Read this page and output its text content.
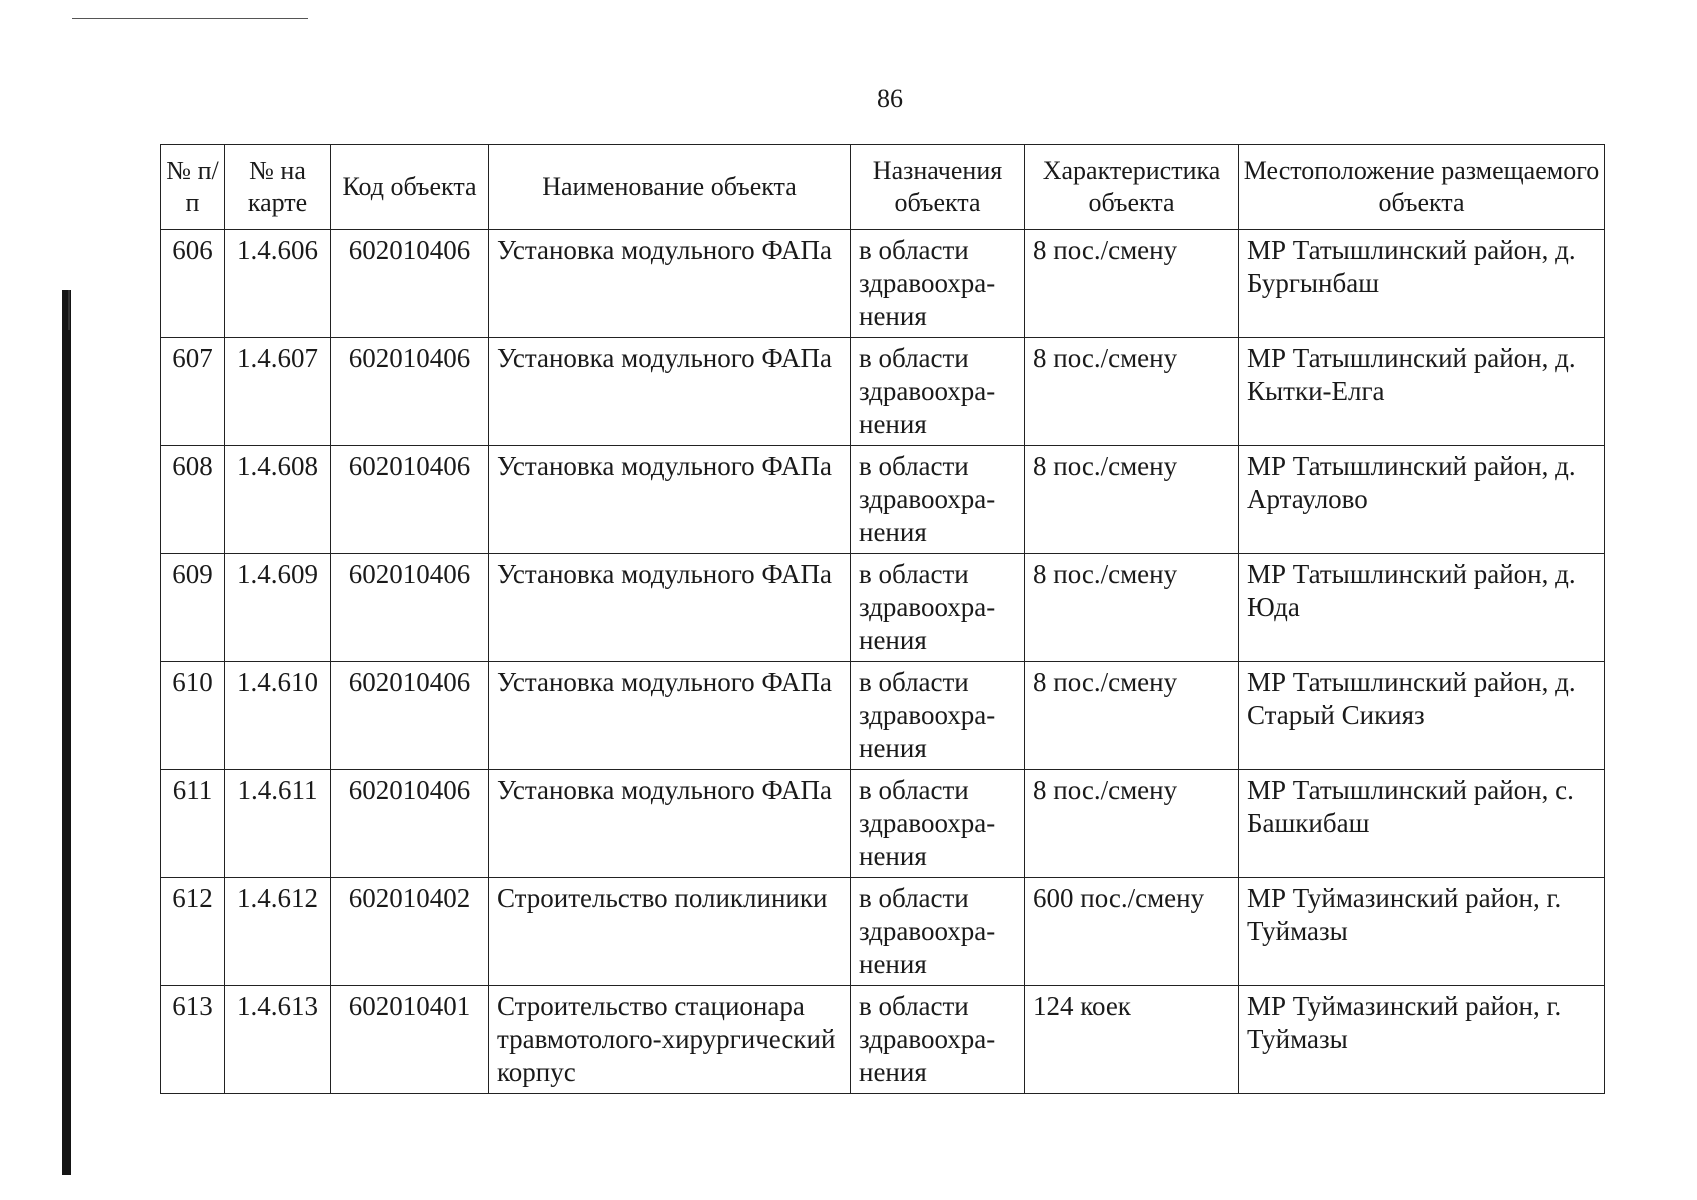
86
№ п/п	№ на карте	Код объекта	Наименование объекта	Назначения объекта	Характеристика объекта	Местоположение размещаемого объекта
606	1.4.606	602010406	Установка модульного ФАПа	в области здравоохра-нения	8 пос./смену	МР Татышлинский район, д. Бургынбаш
607	1.4.607	602010406	Установка модульного ФАПа	в области здравоохра-нения	8 пос./смену	МР Татышлинский район, д. Кытки-Елга
608	1.4.608	602010406	Установка модульного ФАПа	в области здравоохра-нения	8 пос./смену	МР Татышлинский район, д. Артаулово
609	1.4.609	602010406	Установка модульного ФАПа	в области здравоохра-нения	8 пос./смену	МР Татышлинский район, д. Юда
610	1.4.610	602010406	Установка модульного ФАПа	в области здравоохра-нения	8 пос./смену	МР Татышлинский район, д. Старый Сикияз
611	1.4.611	602010406	Установка модульного ФАПа	в области здравоохра-нения	8 пос./смену	МР Татышлинский район, с. Башкибаш
612	1.4.612	602010402	Строительство поликлиники	в области здравоохра-нения	600 пос./смену	МР Туймазинский район, г. Туймазы
613	1.4.613	602010401	Строительство стационара травмотолого-хирургический корпус	в области здравоохра-нения	124 коек	МР Туймазинский район, г. Туймазы
